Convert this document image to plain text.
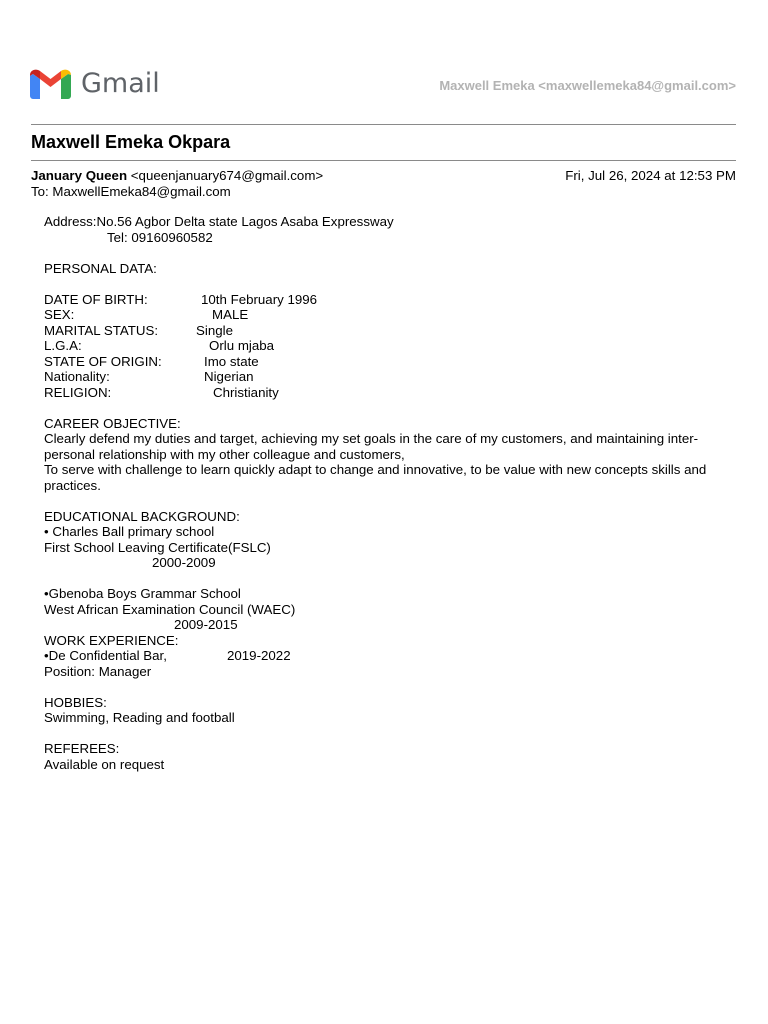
Gmail	Maxwell Emeka <maxwellemeka84@gmail.com>
Maxwell Emeka Okpara
January Queen <queenjanuary674@gmail.com>	Fri, Jul 26, 2024 at 12:53 PM
To: MaxwellEmeka84@gmail.com
Address:No.56 Agbor Delta state Lagos Asaba Expressway
Tel: 09160960582
PERSONAL DATA:
DATE OF BIRTH:	10th February 1996
SEX:	MALE
MARITAL STATUS:	Single
L.G.A:	Orlu mjaba
STATE OF ORIGIN:	Imo state
Nationality:	Nigerian
RELIGION:	Christianity
CAREER OBJECTIVE:
Clearly defend my duties and target, achieving my set goals in the care of my customers, and maintaining inter-personal relationship with my other colleague and customers,
To serve with challenge to learn quickly adapt to change and innovative, to be value with new concepts skills and practices.
EDUCATIONAL BACKGROUND:
• Charles Ball primary school
First School Leaving Certificate(FSLC)
2000-2009
•Gbenoba Boys Grammar School
West African Examination Council (WAEC)
2009-2015
WORK EXPERIENCE:
•De Confidential Bar,	2019-2022
Position: Manager
HOBBIES:
Swimming, Reading and football
REFEREES:
Available on request
